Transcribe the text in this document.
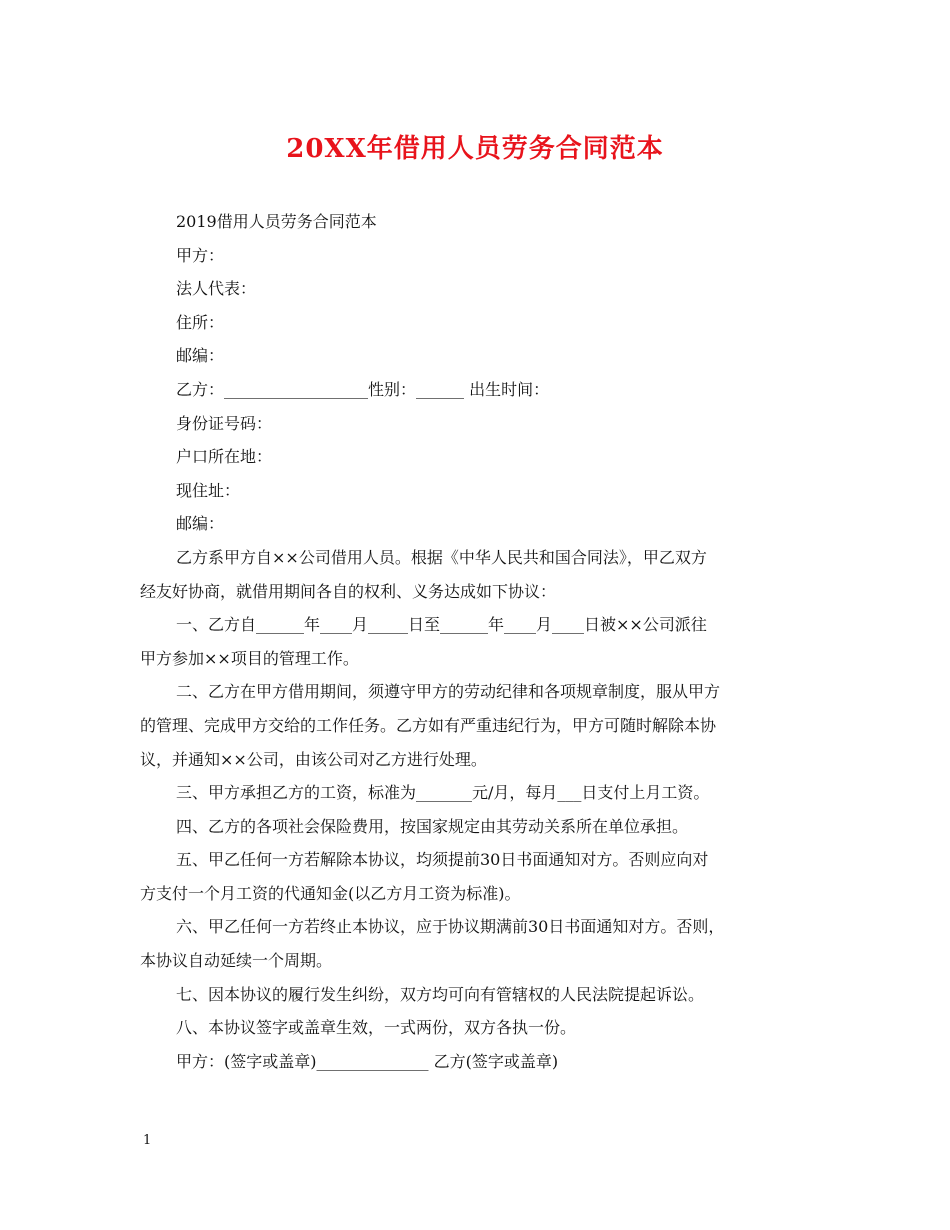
20XX年借用人员劳务合同范本

2019借用人员劳务合同范本

甲方：

法人代表：

住所：

邮编：

乙方：__________________性别：______ 出生时间：

身份证号码：

户口所在地：

现住址：

邮编：

乙方系甲方自××公司借用人员。根据《中华人民共和国合同法》，甲乙双方

经友好协商，就借用期间各自的权利、义务达成如下协议：

一、乙方自______年____月_____日至______年____月____日被××公司派往

甲方参加××项目的管理工作。

二、乙方在甲方借用期间，须遵守甲方的劳动纪律和各项规章制度，服从甲方

的管理、完成甲方交给的工作任务。乙方如有严重违纪行为，甲方可随时解除本协

议，并通知××公司，由该公司对乙方进行处理。

三、甲方承担乙方的工资，标准为_______元/月，每月___日支付上月工资。

四、乙方的各项社会保险费用，按国家规定由其劳动关系所在单位承担。

五、甲乙任何一方若解除本协议，均须提前30日书面通知对方。否则应向对

方支付一个月工资的代通知金(以乙方月工资为标准)。

六、甲乙任何一方若终止本协议，应于协议期满前30日书面通知对方。否则，

本协议自动延续一个周期。

七、因本协议的履行发生纠纷，双方均可向有管辖权的人民法院提起诉讼。

八、本协议签字或盖章生效，一式两份，双方各执一份。

甲方：(签字或盖章)______________ 乙方(签字或盖章)

1
